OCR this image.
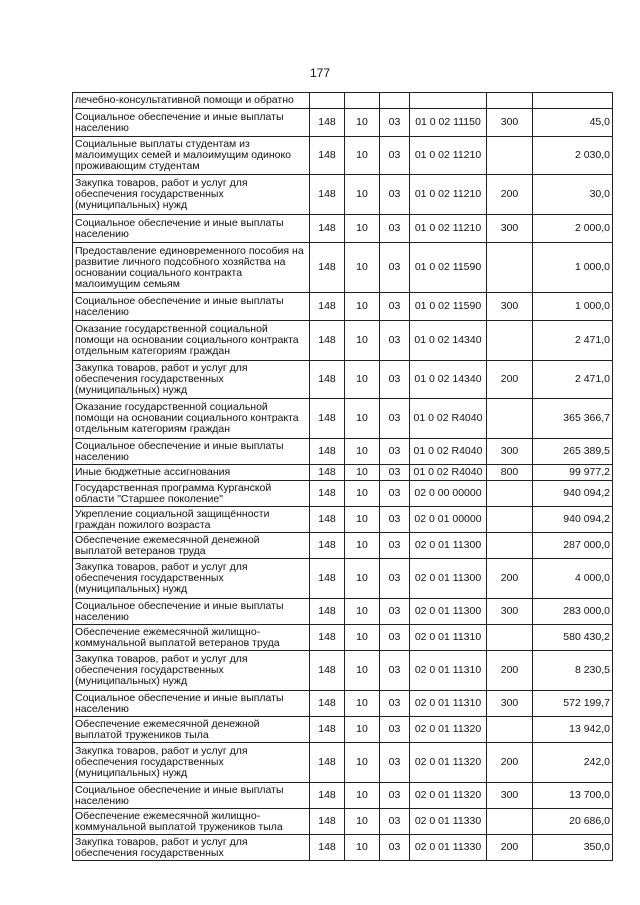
177
лечебно-консультативной помощи и обратно						
Социальное обеспечение и иные выплаты населению	148	10	03	01 0 02 11150	300	45,0
Социальные выплаты студентам из малоимущих семей и малоимущим одиноко проживающим студентам	148	10	03	01 0 02 11210		2 030,0
Закупка товаров, работ и услуг для обеспечения государственных (муниципальных) нужд	148	10	03	01 0 02 11210	200	30,0
Социальное обеспечение и иные выплаты населению	148	10	03	01 0 02 11210	300	2 000,0
Предоставление единовременного пособия на развитие личного подсобного хозяйства на основании социального контракта малоимущим семьям	148	10	03	01 0 02 11590		1 000,0
Социальное обеспечение и иные выплаты населению	148	10	03	01 0 02 11590	300	1 000,0
Оказание государственной социальной помощи на основании социального контракта отдельным категориям граждан	148	10	03	01 0 02 14340		2 471,0
Закупка товаров, работ и услуг для обеспечения государственных (муниципальных) нужд	148	10	03	01 0 02 14340	200	2 471,0
Оказание государственной социальной помощи на основании социального контракта отдельным категориям граждан	148	10	03	01 0 02 R4040		365 366,7
Социальное обеспечение и иные выплаты населению	148	10	03	01 0 02 R4040	300	265 389,5
Иные бюджетные ассигнования	148	10	03	01 0 02 R4040	800	99 977,2
Государственная программа Курганской области "Старшее поколение"	148	10	03	02 0 00 00000		940 094,2
Укрепление социальной защищённости граждан пожилого возраста	148	10	03	02 0 01 00000		940 094,2
Обеспечение ежемесячной денежной выплатой ветеранов труда	148	10	03	02 0 01 11300		287 000,0
Закупка товаров, работ и услуг для обеспечения государственных (муниципальных) нужд	148	10	03	02 0 01 11300	200	4 000,0
Социальное обеспечение и иные выплаты населению	148	10	03	02 0 01 11300	300	283 000,0
Обеспечение ежемесячной жилищно-коммунальной выплатой ветеранов труда	148	10	03	02 0 01 11310		580 430,2
Закупка товаров, работ и услуг для обеспечения государственных (муниципальных) нужд	148	10	03	02 0 01 11310	200	8 230,5
Социальное обеспечение и иные выплаты населению	148	10	03	02 0 01 11310	300	572 199,7
Обеспечение ежемесячной денежной выплатой тружеников тыла	148	10	03	02 0 01 11320		13 942,0
Закупка товаров, работ и услуг для обеспечения государственных (муниципальных) нужд	148	10	03	02 0 01 11320	200	242,0
Социальное обеспечение и иные выплаты населению	148	10	03	02 0 01 11320	300	13 700,0
Обеспечение ежемесячной жилищно-коммунальной выплатой тружеников тыла	148	10	03	02 0 01 11330		20 686,0
Закупка товаров, работ и услуг для обеспечения государственных	148	10	03	02 0 01 11330	200	350,0
